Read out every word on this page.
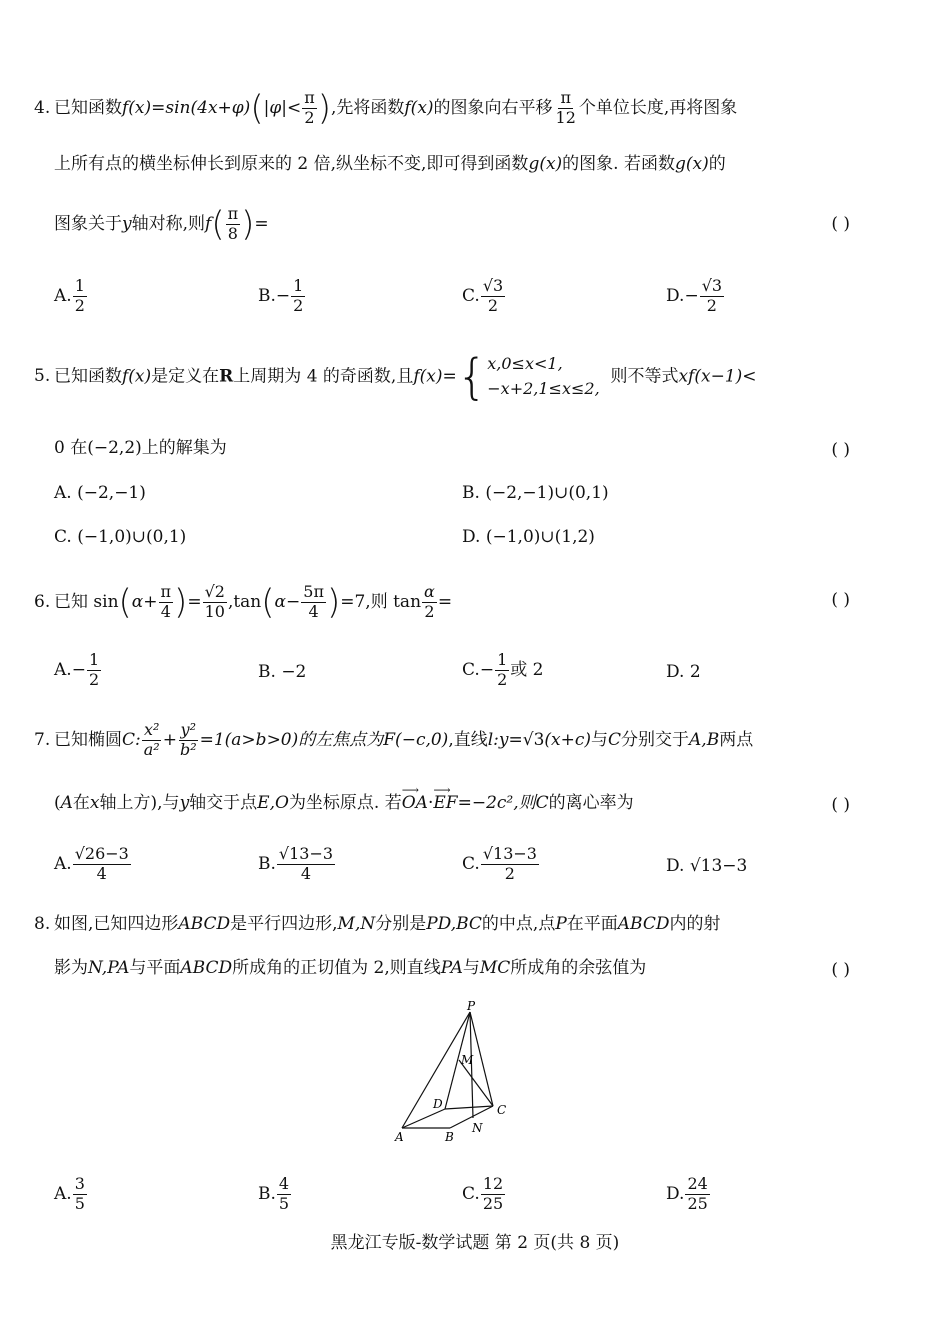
4. 已知函数$f(x)=\sin(4x+\varphi)(|\varphi|< \frac{\pi}{2}$ ),先将函数f(x)的图象向右平移 $\frac{\pi}{12}$ 个单位长度,再将图象
上所有点的横坐标伸长到原来的 2 倍,纵坐标不变,即可得到函数g(x)的图象. 若函数g(x)的
图象关于y轴对称,则$f( \frac{\pi}{8}$ )=	( )
A. $\frac{1}{2}$	$B.- \frac{1}{2}$	C. $\frac{√3}{2}$	$D.- \frac{√3}{2}$
5. 已知函数f(x)是定义在R上周期为 4 的奇函数,且f(x)={ x,0≤x<1,
−x+2,1≤x≤2,
则不等式xf(x−1)<
0 在(−2,2)上的解集为	( )
A. (−2,−1)	B. (−2,−1)∪(0,1)
C. (−1,0)∪(0,1)	D. (−1,0)∪(1,2)
6. 已知 $\sin(\alpha+ \frac{\pi}{4}$ )= $\frac{√2}{10} ,\tan(\alpha- \frac{5\pi}{4} )=7$,则 $\tan \frac{\alpha}{2}$ =	( )
$A.- \frac{1}{2}$	B. −2	$C.- \frac{1}{2}$ 或 2	D. 2
7. 已知椭圆C: $\frac{\text{x²}}{\text{a²}} + \frac{\text{y²}}{\text{b²}} =1(a>b>0)$的左焦点为F(−c,0),直线l:y=√3(x+c)与C分别交于A,B两点
(A在x轴上方),与y轴交于点E,O为坐标原点. 若OA
⟶
·EF
⟶
=−2c²,则C的离心率为	( )
A. $\frac{√26-3}{4}$	B. $\frac{√13-3}{4}$	C. $\frac{√13-3}{2}$	D. √13−3
8. 如图,已知四边形ABCD是平行四边形,M,N分别是PD,BC的中点,点P在平面ABCD内的射
影为N,PA与平面ABCD所成角的正切值为 2,则直线PA与MC所成角的余弦值为	( )
P
M
D	C
A	B
N
A. $\frac{3}{5}$	B. $\frac{4}{5}$	C. $\frac{12}{25}$	D. $\frac{24}{25}$
黑龙江专版-数学试题 第 2 页(共 8 页)
